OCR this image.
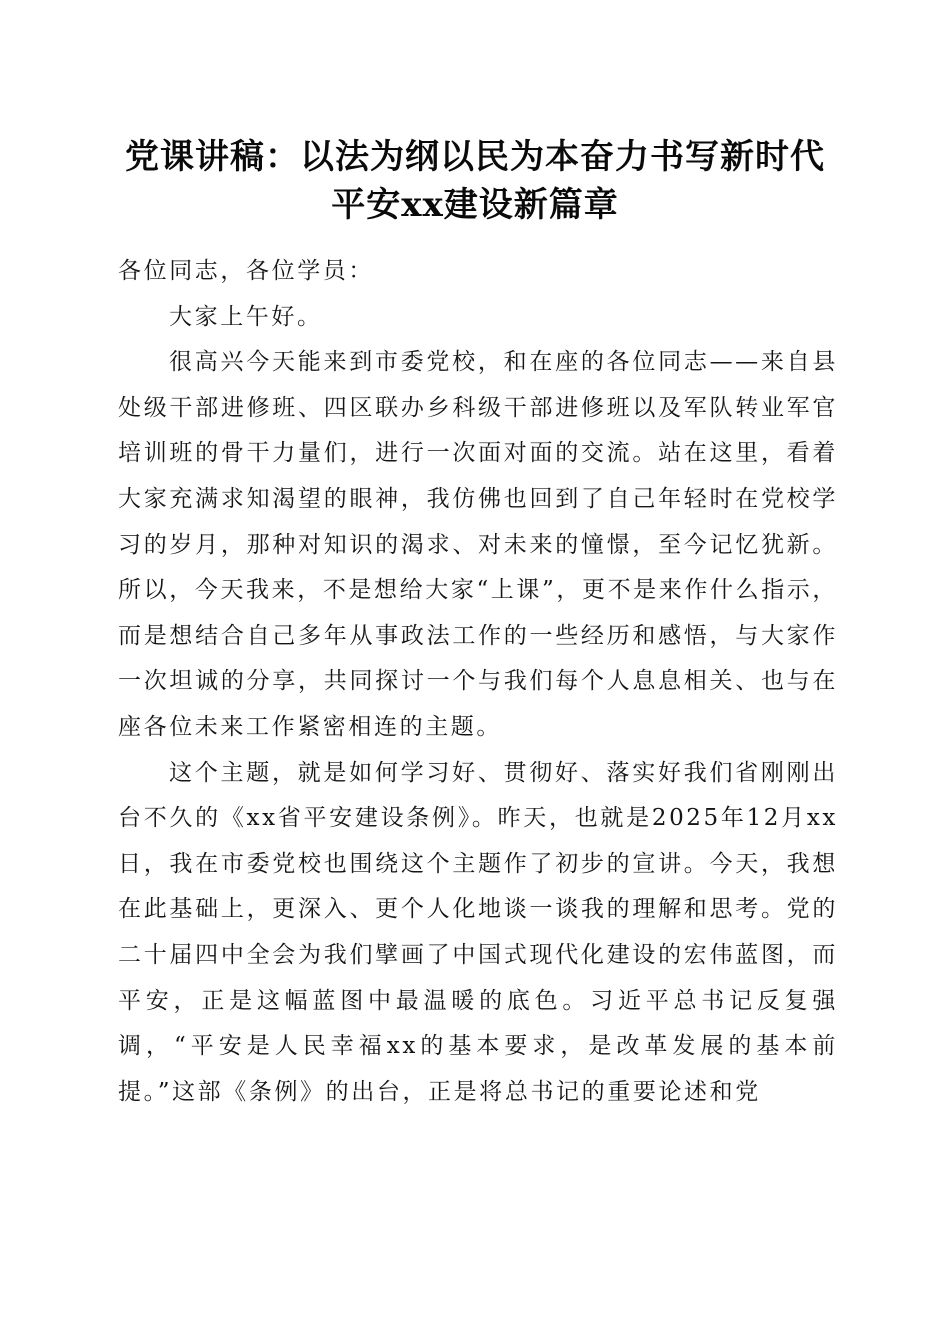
党课讲稿：以法为纲以民为本奋力书写新时代
平安xx建设新篇章

各位同志，各位学员：

大家上午好。

很高兴今天能来到市委党校，和在座的各位同志——来自县处级干部进修班、四区联办乡科级干部进修班以及军队转业军官培训班的骨干力量们，进行一次面对面的交流。站在这里，看着大家充满求知渴望的眼神，我仿佛也回到了自己年轻时在党校学习的岁月，那种对知识的渴求、对未来的憧憬，至今记忆犹新。所以，今天我来，不是想给大家“上课”，更不是来作什么指示，而是想结合自己多年从事政法工作的一些经历和感悟，与大家作一次坦诚的分享，共同探讨一个与我们每个人息息相关、也与在座各位未来工作紧密相连的主题。

这个主题，就是如何学习好、贯彻好、落实好我们省刚刚出台不久的《xx省平安建设条例》。昨天，也就是2025年12月xx日，我在市委党校也围绕这个主题作了初步的宣讲。今天，我想在此基础上，更深入、更个人化地谈一谈我的理解和思考。党的二十届四中全会为我们擘画了中国式现代化建设的宏伟蓝图，而平安，正是这幅蓝图中最温暖的底色。习近平总书记反复强调，“平安是人民幸福xx的基本要求，是改革发展的基本前提。”这部《条例》的出台，正是将总书记的重要论述和党
